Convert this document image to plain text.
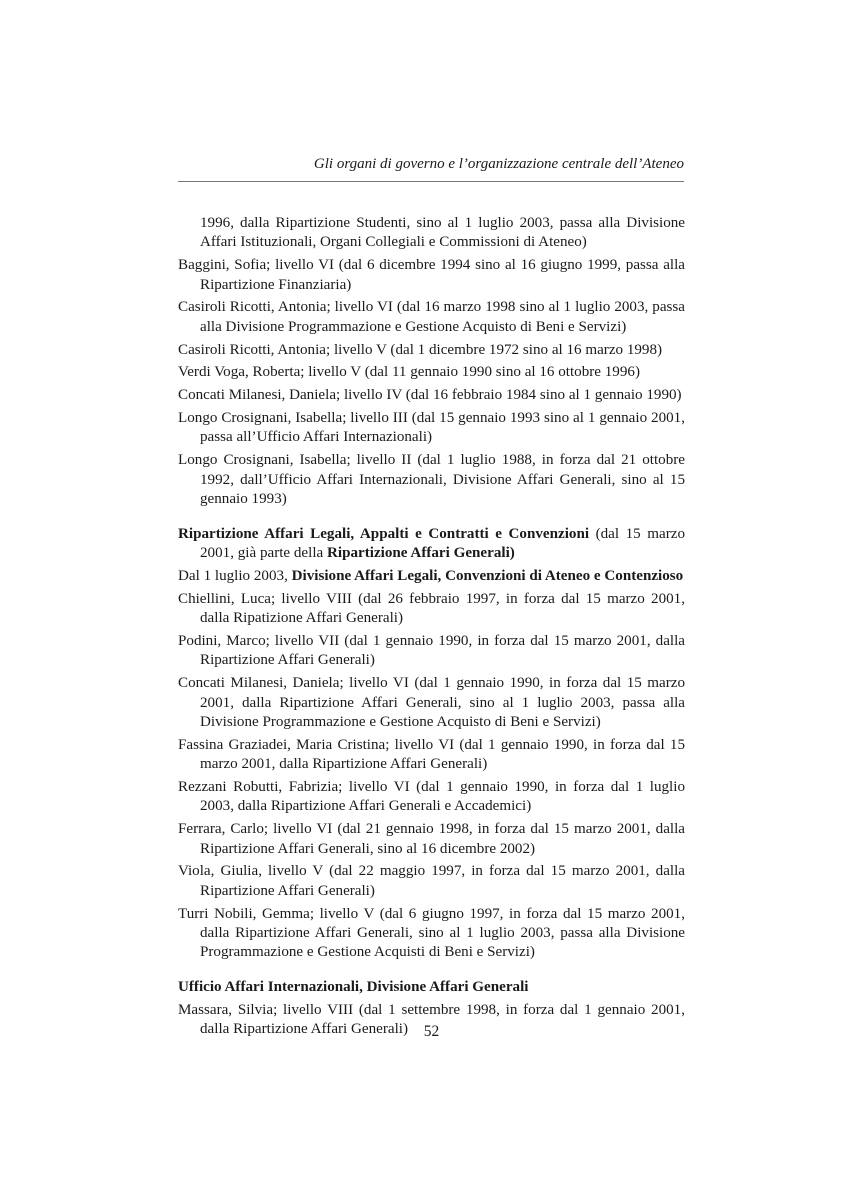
Gli organi di governo e l’organizzazione centrale dell’Ateneo

1996, dalla Ripartizione Studenti, sino al 1 luglio 2003, passa alla Divisione Affari Istituzionali, Organi Collegiali e Commissioni di Ateneo)

Baggini, Sofia; livello VI (dal 6 dicembre 1994 sino al 16 giugno 1999, passa alla Ripartizione Finanziaria)

Casiroli Ricotti, Antonia; livello VI (dal 16 marzo 1998 sino al 1 luglio 2003, passa alla Divisione Programmazione e Gestione Acquisto di Beni e Servizi)

Casiroli Ricotti, Antonia; livello V (dal 1 dicembre 1972 sino al 16 marzo 1998)

Verdi Voga, Roberta; livello V (dal 11 gennaio 1990 sino al 16 ottobre 1996)

Concati Milanesi, Daniela; livello IV (dal 16 febbraio 1984 sino al 1 gennaio 1990)

Longo Crosignani, Isabella; livello III (dal 15 gennaio 1993 sino al 1 gennaio 2001, passa all’Ufficio Affari Internazionali)

Longo Crosignani, Isabella; livello II (dal 1 luglio 1988, in forza dal 21 ottobre 1992, dall’Ufficio Affari Internazionali, Divisione Affari Generali, sino al 15 gennaio 1993)

Ripartizione Affari Legali, Appalti e Contratti e Convenzioni (dal 15 marzo 2001, già parte della Ripartizione Affari Generali)

Dal 1 luglio 2003, Divisione Affari Legali, Convenzioni di Ateneo e Contenzioso

Chiellini, Luca; livello VIII (dal 26 febbraio 1997, in forza dal 15 marzo 2001, dalla Ripatizione Affari Generali)

Podini, Marco; livello VII (dal 1 gennaio 1990, in forza dal 15 marzo 2001, dalla Ripartizione Affari Generali)

Concati Milanesi, Daniela; livello VI (dal 1 gennaio 1990, in forza dal 15 marzo 2001, dalla Ripartizione Affari Generali, sino al 1 luglio 2003, passa alla Divisione Programmazione e Gestione Acquisto di Beni e Servizi)

Fassina Graziadei, Maria Cristina; livello VI (dal 1 gennaio 1990, in forza dal 15 marzo 2001, dalla Ripartizione Affari Generali)

Rezzani Robutti, Fabrizia; livello VI (dal 1 gennaio 1990, in forza dal 1 luglio 2003, dalla Ripartizione Affari Generali e Accademici)

Ferrara, Carlo; livello VI (dal 21 gennaio 1998, in forza dal 15 marzo 2001, dalla Ripartizione Affari Generali, sino al 16 dicembre 2002)

Viola, Giulia, livello V (dal 22 maggio 1997, in forza dal 15 marzo 2001, dalla Ripartizione Affari Generali)

Turri Nobili, Gemma; livello V (dal 6 giugno 1997, in forza dal 15 marzo 2001, dalla Ripartizione Affari Generali, sino al 1 luglio 2003, passa alla Divisione Programmazione e Gestione Acquisti di Beni e Servizi)

Ufficio Affari Internazionali, Divisione Affari Generali

Massara, Silvia; livello VIII (dal 1 settembre 1998, in forza dal 1 gennaio 2001, dalla Ripartizione Affari Generali)	52
